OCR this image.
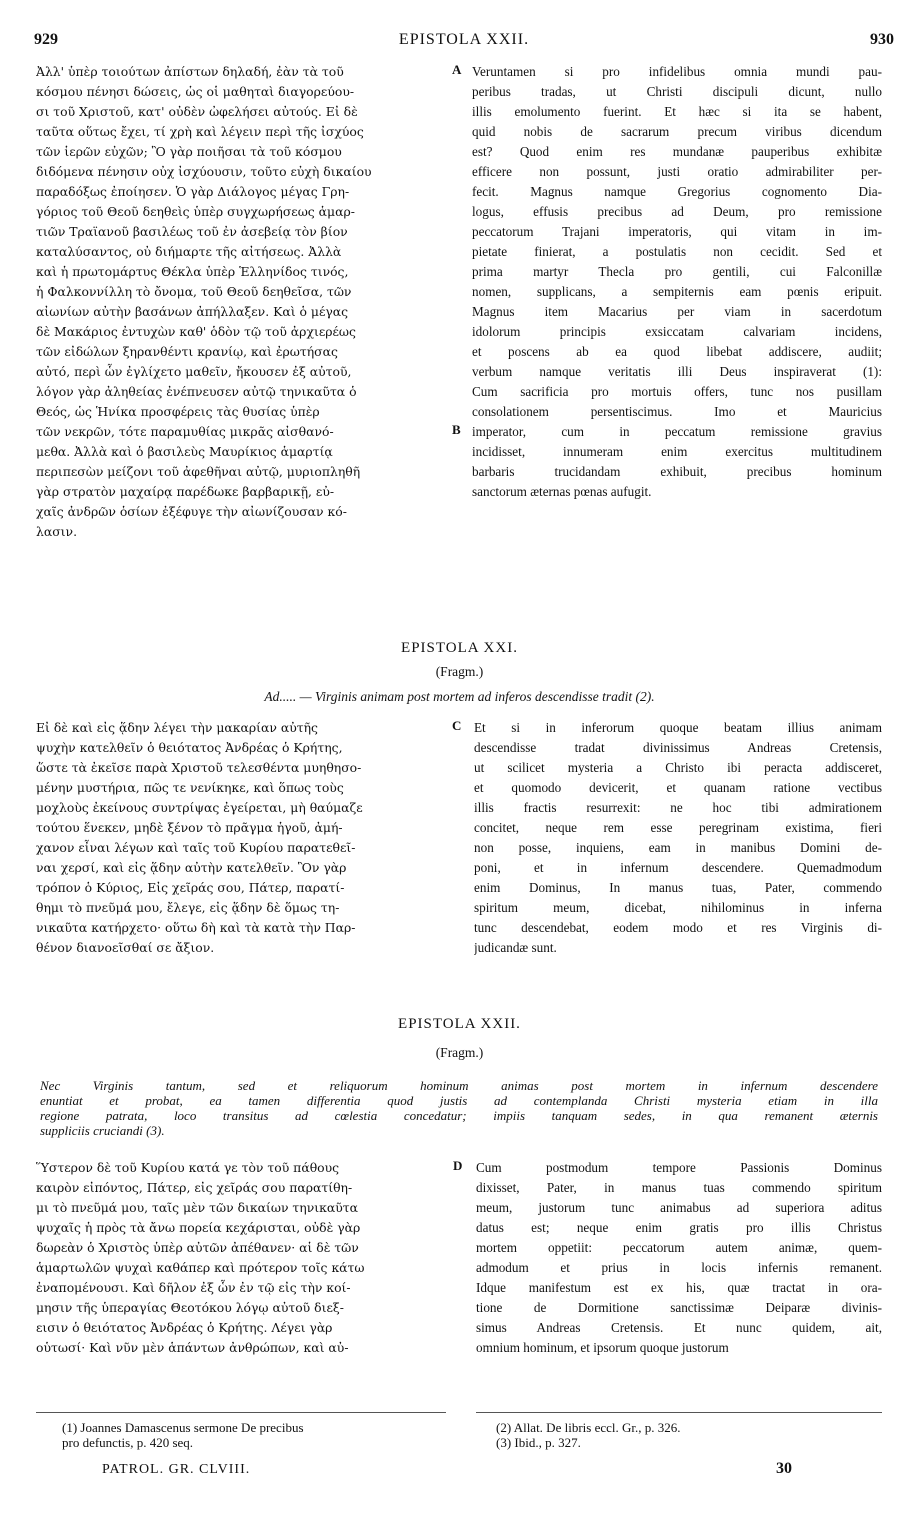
929	EPISTOLA XXII.	930
A
B
C
D
Ἀλλ' ὑπὲρ τοιούτων ἀπίστων δηλαδή, ἐὰν τὰ τοῦ
κόσμου πένησι δώσεις, ὡς οἱ μαθηταὶ διαγορεύου-
σι τοῦ Χριστοῦ, κατ' οὐδὲν ὠφελήσει αὐτούς. Εἰ δὲ
ταῦτα οὕτως ἔχει, τί χρὴ καὶ λέγειν περὶ τῆς ἰσχύος
τῶν ἱερῶν εὐχῶν; Ὃ γὰρ ποιῆσαι τὰ τοῦ κόσμου
διδόμενα πένησιν οὐχ ἰσχύουσιν, τοῦτο εὐχὴ δικαίου
παραδόξως ἐποίησεν. Ὁ γὰρ Διάλογος μέγας Γρη-
γόριος τοῦ Θεοῦ δεηθεὶς ὑπὲρ συγχωρήσεως ἁμαρ-
τιῶν Τραϊανοῦ βασιλέως τοῦ ἐν ἀσεβείᾳ τὸν βίον
καταλύσαντος, οὐ διήμαρτε τῆς αἰτήσεως. Ἀλλὰ
καὶ ἡ πρωτομάρτυς Θέκλα ὑπὲρ Ἑλληνίδος τινός,
ἡ Φαλκοννίλλη τὸ ὄνομα, τοῦ Θεοῦ δεηθεῖσα, τῶν
αἰωνίων αὐτὴν βασάνων ἀπήλλαξεν. Καὶ ὁ μέγας
δὲ Μακάριος ἐντυχὼν καθ' ὁδὸν τῷ τοῦ ἀρχιερέως
τῶν εἰδώλων ξηρανθέντι κρανίῳ, καὶ ἐρωτήσας
αὐτό, περὶ ὧν ἐγλίχετο μαθεῖν, ἤκουσεν ἐξ αὐτοῦ,
λόγον γὰρ ἀληθείας ἐνέπνευσεν αὐτῷ τηνικαῦτα ὁ
Θεός, ὡς Ἡνίκα προσφέρεις τὰς θυσίας ὑπὲρ
τῶν νεκρῶν, τότε παραμυθίας μικρᾶς αἰσθανό-
μεθα. Ἀλλὰ καὶ ὁ βασιλεὺς Μαυρίκιος ἁμαρτίᾳ
περιπεσὼν μείζονι τοῦ ἀφεθῆναι αὐτῷ, μυριοπληθῆ
γὰρ στρατὸν μαχαίρᾳ παρέδωκε βαρβαρικῇ, εὐ-
χαῖς ἀνδρῶν ὁσίων ἐξέφυγε τὴν αἰωνίζουσαν κό-
λασιν.
Veruntamen si pro infidelibus omnia mundi pau-
peribus tradas, ut Christi discipuli dicunt, nullo
illis emolumento fuerint. Et hæc si ita se habent,
quid nobis de sacrarum precum viribus dicendum
est? Quod enim res mundanæ pauperibus exhibitæ
efficere non possunt, justi oratio admirabiliter per-
fecit. Magnus namque Gregorius cognomento Dia-
logus, effusis precibus ad Deum, pro remissione
peccatorum Trajani imperatoris, qui vitam in im-
pietate finierat, a postulatis non cecidit. Sed et
prima martyr Thecla pro gentili, cui Falconillæ
nomen, supplicans, a sempiternis eam pœnis eripuit.
Magnus item Macarius per viam in sacerdotum
idolorum principis exsiccatam calvariam incidens,
et poscens ab ea quod libebat addiscere, audiit;
verbum namque veritatis illi Deus inspiraverat (1):
Cum sacrificia pro mortuis offers, tunc nos pusillam
consolationem persentiscimus. Imo et Mauricius
imperator, cum in peccatum remissione gravius
incidisset, innumeram enim exercitus multitudinem
barbaris trucidandam exhibuit, precibus hominum
sanctorum æternas pœnas aufugit.
EPISTOLA XXI.
(Fragm.)
Ad..... — Virginis animam post mortem ad inferos descendisse tradit (2).
Εἰ δὲ καὶ εἰς ᾅδην λέγει τὴν μακαρίαν αὐτῆς
ψυχὴν κατελθεῖν ὁ θειότατος Ἀνδρέας ὁ Κρήτης,
ὥστε τὰ ἐκεῖσε παρὰ Χριστοῦ τελεσθέντα μυηθησο-
μένην μυστήρια, πῶς τε νενίκηκε, καὶ ὅπως τοὺς
μοχλοὺς ἐκείνους συντρίψας ἐγείρεται, μὴ θαύμαζε
τούτου ἕνεκεν, μηδὲ ξένον τὸ πρᾶγμα ἡγοῦ, ἀμή-
χανον εἶναι λέγων καὶ ταῖς τοῦ Κυρίου παρατεθεῖ-
ναι χερσί, καὶ εἰς ᾅδην αὐτὴν κατελθεῖν. Ὃν γὰρ
τρόπον ὁ Κύριος, Εἰς χεῖράς σου, Πάτερ, παρατί-
θημι τὸ πνεῦμά μου, ἔλεγε, εἰς ᾅδην δὲ ὅμως τη-
νικαῦτα κατήρχετο· οὕτω δὴ καὶ τὰ κατὰ τὴν Παρ-
θένον διανοεῖσθαί σε ἄξιον.
Et si in inferorum quoque beatam illius animam
descendisse tradat divinissimus Andreas Cretensis,
ut scilicet mysteria a Christo ibi peracta addisceret,
et quomodo devicerit, et quanam ratione vectibus
illis fractis resurrexit: ne hoc tibi admirationem
concitet, neque rem esse peregrinam existima, fieri
non posse, inquiens, eam in manibus Domini de-
poni, et in infernum descendere. Quemadmodum
enim Dominus, In manus tuas, Pater, commendo
spiritum meum, dicebat, nihilominus in inferna
tunc descendebat, eodem modo et res Virginis di-
judicandæ sunt.
EPISTOLA XXII.
(Fragm.)
Nec Virginis tantum, sed et reliquorum hominum animas post mortem in infernum descendere
enuntiat et probat, ea tamen differentia quod justis ad contemplanda Christi mysteria etiam in illa
regione patrata, loco transitus ad cœlestia concedatur; impiis tanquam sedes, in qua remanent æternis
suppliciis cruciandi (3).
Ὕστερον δὲ τοῦ Κυρίου κατά γε τὸν τοῦ πάθους
καιρὸν εἰπόντος, Πάτερ, εἰς χεῖράς σου παρατίθη-
μι τὸ πνεῦμά μου, ταῖς μὲν τῶν δικαίων τηνικαῦτα
ψυχαῖς ἡ πρὸς τὰ ἄνω πορεία κεχάρισται, οὐδὲ γὰρ
δωρεὰν ὁ Χριστὸς ὑπὲρ αὐτῶν ἀπέθανεν· αἱ δὲ τῶν
ἁμαρτωλῶν ψυχαὶ καθάπερ καὶ πρότερον τοῖς κάτω
ἐναπομένουσι. Καὶ δῆλον ἐξ ὧν ἐν τῷ εἰς τὴν κοί-
μησιν τῆς ὑπεραγίας Θεοτόκου λόγῳ αὐτοῦ διεξ-
εισιν ὁ θειότατος Ἀνδρέας ὁ Κρήτης. Λέγει γὰρ
οὑτωσί· Καὶ νῦν μὲν ἁπάντων ἀνθρώπων, καὶ αὐ-
Cum postmodum tempore Passionis Dominus
dixisset, Pater, in manus tuas commendo spiritum
meum, justorum tunc animabus ad superiora aditus
datus est; neque enim gratis pro illis Christus
mortem oppetiit: peccatorum autem animæ, quem-
admodum et prius in locis infernis remanent.
Idque manifestum est ex his, quæ tractat in ora-
tione de Dormitione sanctissimæ Deiparæ divinis-
simus Andreas Cretensis. Et nunc quidem, ait,
omnium hominum, et ipsorum quoque justorum
(1) Joannes Damascenus sermone De precibus
pro defunctis, p. 420 seq.
(2) Allat. De libris eccl. Gr., p. 326.
(3) Ibid., p. 327.
PATROL. GR. CLVIII.	30
